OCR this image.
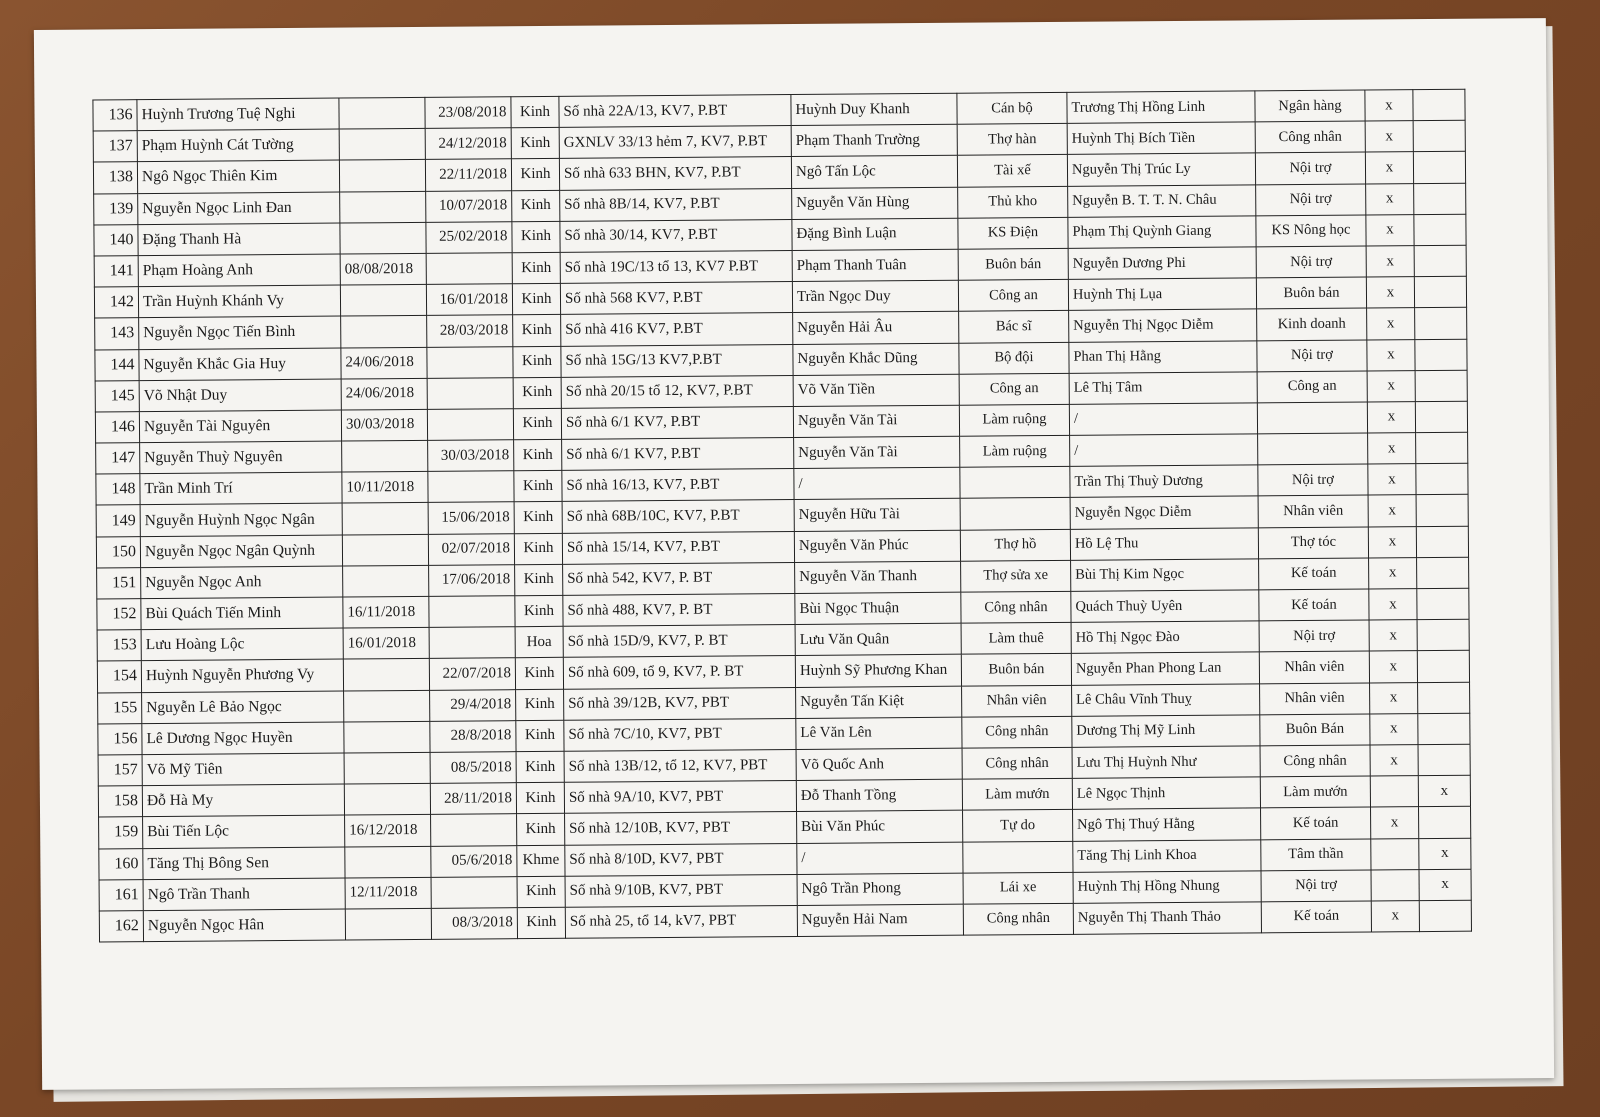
136	Huỳnh Trương Tuệ Nghi		23/08/2018	Kinh	Số nhà 22A/13, KV7, P.BT	Huỳnh Duy Khanh	Cán bộ	Trương Thị Hồng Linh	Ngân hàng	x	
137	Phạm Huỳnh Cát Tường		24/12/2018	Kinh	GXNLV 33/13 hẻm 7, KV7, P.BT	Phạm Thanh Trường	Thợ hàn	Huỳnh Thị Bích Tiền	Công nhân	x	
138	Ngô Ngọc Thiên Kim		22/11/2018	Kinh	Số nhà 633 BHN, KV7, P.BT	Ngô Tấn Lộc	Tài xế	Nguyễn Thị Trúc Ly	Nội trợ	x	
139	Nguyễn Ngọc Linh Đan		10/07/2018	Kinh	Số nhà 8B/14, KV7, P.BT	Nguyễn Văn Hùng	Thủ kho	Nguyễn B. T. T. N. Châu	Nội trợ	x	
140	Đặng Thanh Hà		25/02/2018	Kinh	Số nhà 30/14, KV7, P.BT	Đặng Bình Luận	KS Điện	Phạm Thị Quỳnh Giang	KS Nông học	x	
141	Phạm Hoàng Anh	08/08/2018		Kinh	Số nhà 19C/13 tổ 13, KV7 P.BT	Phạm Thanh Tuân	Buôn bán	Nguyễn Dương Phi	Nội trợ	x	
142	Trần Huỳnh Khánh Vy		16/01/2018	Kinh	Số nhà 568 KV7, P.BT	Trần Ngọc Duy	Công an	Huỳnh Thị Lụa	Buôn bán	x	
143	Nguyễn Ngọc Tiến Bình		28/03/2018	Kinh	Số nhà 416 KV7, P.BT	Nguyễn Hải Âu	Bác sĩ	Nguyễn Thị Ngọc Diễm	Kinh doanh	x	
144	Nguyễn Khắc Gia Huy	24/06/2018		Kinh	Số nhà 15G/13 KV7,P.BT	Nguyễn Khắc Dũng	Bộ đội	Phan Thị Hằng	Nội trợ	x	
145	Võ Nhật Duy	24/06/2018		Kinh	Số nhà 20/15 tổ 12, KV7, P.BT	Võ Văn Tiền	Công an	Lê Thị Tâm	Công an	x	
146	Nguyễn Tài Nguyên	30/03/2018		Kinh	Số nhà 6/1 KV7, P.BT	Nguyễn Văn Tài	Làm ruộng	/		x	
147	Nguyễn Thuỳ Nguyên		30/03/2018	Kinh	Số nhà 6/1 KV7, P.BT	Nguyễn Văn Tài	Làm ruộng	/		x	
148	Trần Minh Trí	10/11/2018		Kinh	Số nhà 16/13, KV7, P.BT	/		Trần Thị Thuỳ Dương	Nội trợ	x	
149	Nguyễn Huỳnh Ngọc Ngân		15/06/2018	Kinh	Số nhà 68B/10C, KV7, P.BT	Nguyễn Hữu Tài		Nguyễn Ngọc Diễm	Nhân viên	x	
150	Nguyễn Ngọc Ngân Quỳnh		02/07/2018	Kinh	Số nhà 15/14, KV7, P.BT	Nguyễn Văn Phúc	Thợ hồ	Hồ Lệ Thu	Thợ tóc	x	
151	Nguyễn Ngọc Anh		17/06/2018	Kinh	Số nhà 542, KV7, P. BT	Nguyễn Văn Thanh	Thợ sửa xe	Bùi Thị Kim Ngọc	Kế toán	x	
152	Bùi Quách Tiến Minh	16/11/2018		Kinh	Số nhà 488, KV7, P. BT	Bùi Ngọc Thuận	Công nhân	Quách Thuỳ Uyên	Kế toán	x	
153	Lưu Hoàng Lộc	16/01/2018		Hoa	Số nhà 15D/9, KV7, P. BT	Lưu Văn Quân	Làm thuê	Hồ Thị Ngọc Đào	Nội trợ	x	
154	Huỳnh Nguyễn Phương Vy		22/07/2018	Kinh	Số nhà 609, tổ 9, KV7, P. BT	Huỳnh Sỹ Phương Khan	Buôn bán	Nguyễn Phan Phong Lan	Nhân viên	x	
155	Nguyễn Lê Bảo Ngọc		29/4/2018	Kinh	Số nhà 39/12B, KV7, PBT	Nguyễn Tấn Kiệt	Nhân viên	Lê Châu Vĩnh Thuỵ	Nhân viên	x	
156	Lê Dương Ngọc Huyền		28/8/2018	Kinh	Số nhà 7C/10, KV7, PBT	Lê Văn Lên	Công nhân	Dương Thị Mỹ Linh	Buôn Bán	x	
157	Võ Mỹ Tiên		08/5/2018	Kinh	Số nhà 13B/12, tổ 12, KV7, PBT	Võ Quốc Anh	Công nhân	Lưu Thị Huỳnh Như	Công nhân	x	
158	Đỗ Hà My		28/11/2018	Kinh	Số nhà 9A/10, KV7, PBT	Đỗ Thanh Tồng	Làm mướn	Lê Ngọc Thịnh	Làm mướn		x
159	Bùi Tiến Lộc	16/12/2018		Kinh	Số nhà 12/10B, KV7, PBT	Bùi Văn Phúc	Tự do	Ngô Thị Thuý Hằng	Kế toán	x	
160	Tăng Thị Bông Sen		05/6/2018	Khme	Số nhà 8/10D, KV7, PBT	/		Tăng Thị Linh Khoa	Tâm thần		x
161	Ngô Trần Thanh	12/11/2018		Kinh	Số nhà 9/10B, KV7, PBT	Ngô Trần Phong	Lái xe	Huỳnh Thị Hồng Nhung	Nội trợ		x
162	Nguyễn Ngọc Hân		08/3/2018	Kinh	Số nhà 25, tổ 14, kV7, PBT	Nguyễn Hải Nam	Công nhân	Nguyễn Thị Thanh Thảo	Kế toán	x	
